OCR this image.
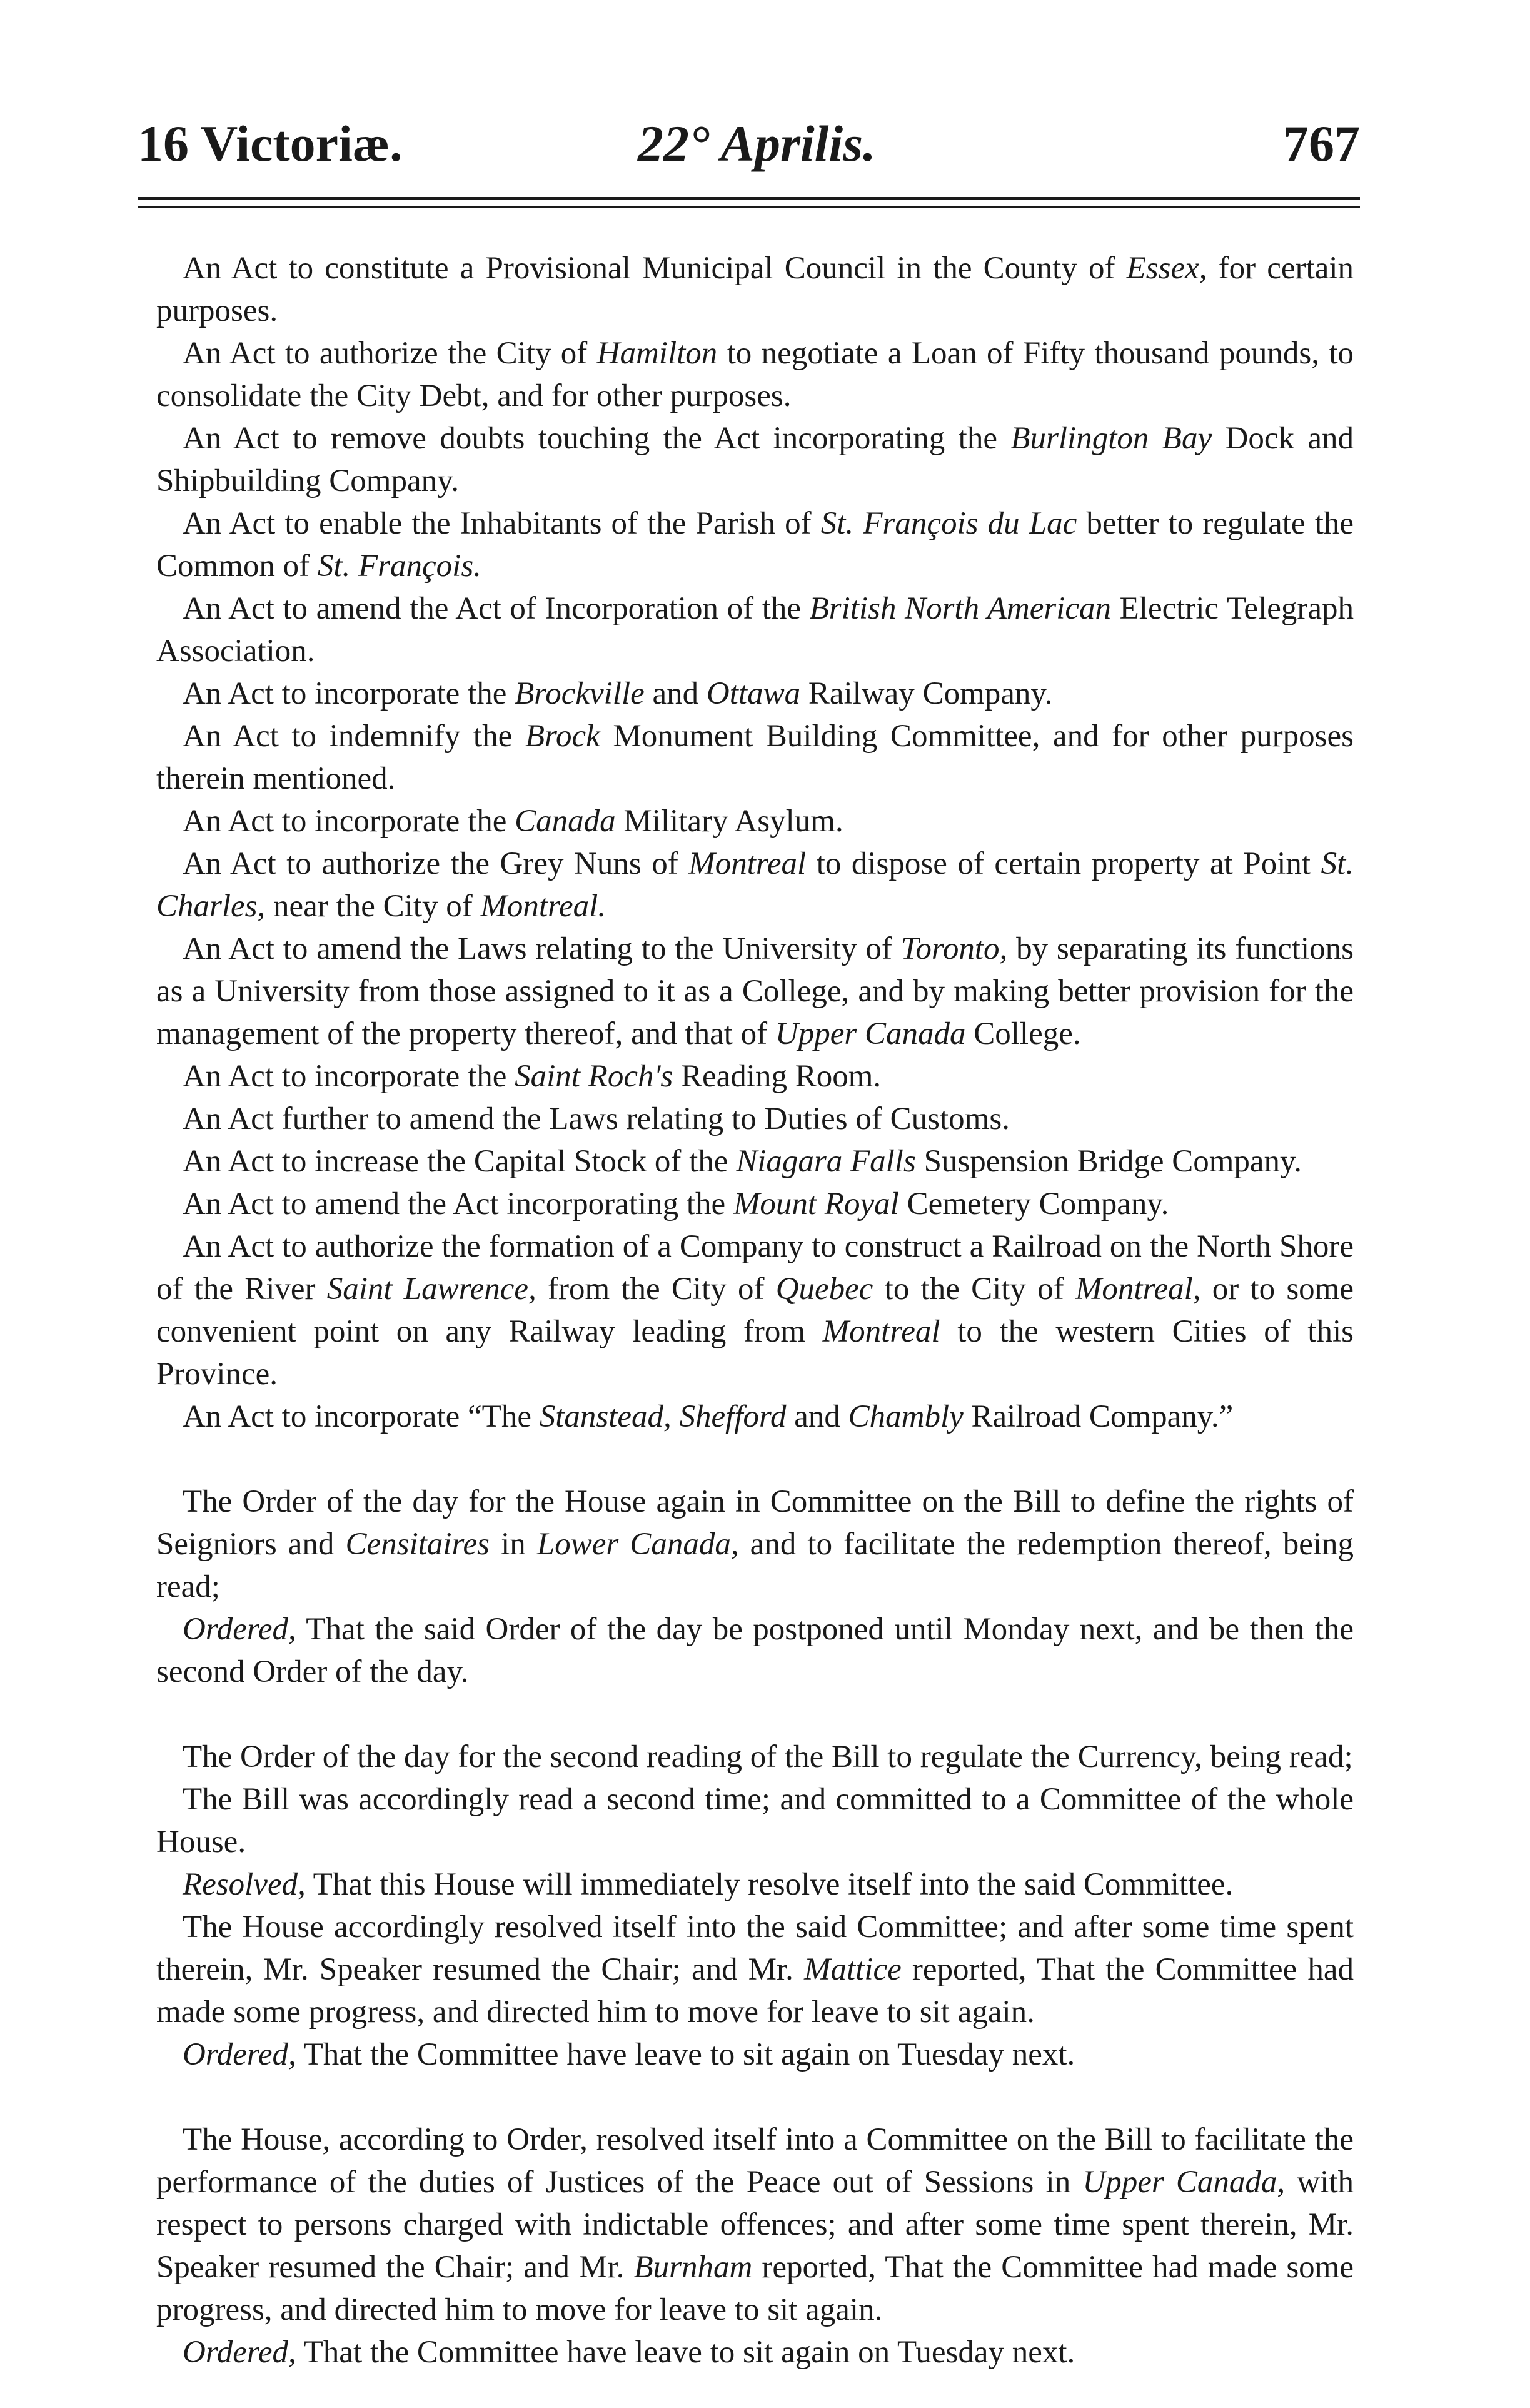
16 Victoriæ.	22° Aprilis.	767

An Act to constitute a Provisional Municipal Council in the County of Essex, for certain purposes.

An Act to authorize the City of Hamilton to negotiate a Loan of Fifty thousand pounds, to consolidate the City Debt, and for other purposes.

An Act to remove doubts touching the Act incorporating the Burlington Bay Dock and Shipbuilding Company.

An Act to enable the Inhabitants of the Parish of St. François du Lac better to regulate the Common of St. François.

An Act to amend the Act of Incorporation of the British North American Electric Telegraph Association.

An Act to incorporate the Brockville and Ottawa Railway Company.

An Act to indemnify the Brock Monument Building Committee, and for other purposes therein mentioned.

An Act to incorporate the Canada Military Asylum.

An Act to authorize the Grey Nuns of Montreal to dispose of certain property at Point St. Charles, near the City of Montreal.

An Act to amend the Laws relating to the University of Toronto, by separating its functions as a University from those assigned to it as a College, and by making better provision for the management of the property thereof, and that of Upper Canada College.

An Act to incorporate the Saint Roch's Reading Room.

An Act further to amend the Laws relating to Duties of Customs.

An Act to increase the Capital Stock of the Niagara Falls Suspension Bridge Company.

An Act to amend the Act incorporating the Mount Royal Cemetery Company.

An Act to authorize the formation of a Company to construct a Railroad on the North Shore of the River Saint Lawrence, from the City of Quebec to the City of Montreal, or to some convenient point on any Railway leading from Montreal to the western Cities of this Province.

An Act to incorporate “The Stanstead, Shefford and Chambly Railroad Company.”

The Order of the day for the House again in Committee on the Bill to define the rights of Seigniors and Censitaires in Lower Canada, and to facilitate the redemption thereof, being read;

Ordered, That the said Order of the day be postponed until Monday next, and be then the second Order of the day.

The Order of the day for the second reading of the Bill to regulate the Currency, being read;

The Bill was accordingly read a second time; and committed to a Committee of the whole House.

Resolved, That this House will immediately resolve itself into the said Committee.

The House accordingly resolved itself into the said Committee; and after some time spent therein, Mr. Speaker resumed the Chair; and Mr. Mattice reported, That the Committee had made some progress, and directed him to move for leave to sit again.

Ordered, That the Committee have leave to sit again on Tuesday next.

The House, according to Order, resolved itself into a Committee on the Bill to facilitate the performance of the duties of Justices of the Peace out of Sessions in Upper Canada, with respect to persons charged with indictable offences; and after some time spent therein, Mr. Speaker resumed the Chair; and Mr. Burnham reported, That the Committee had made some progress, and directed him to move for leave to sit again.

Ordered, That the Committee have leave to sit again on Tuesday next.
